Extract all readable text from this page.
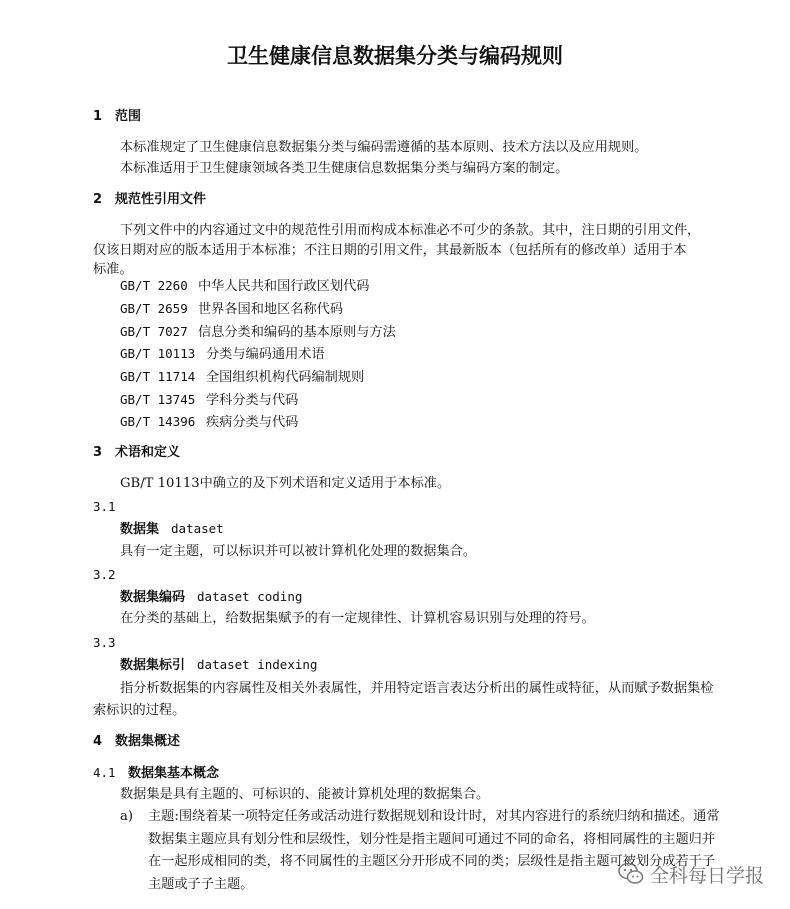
卫生健康信息数据集分类与编码规则
1 范围
本标准规定了卫生健康信息数据集分类与编码需遵循的基本原则、技术方法以及应用规则。
本标准适用于卫生健康领域各类卫生健康信息数据集分类与编码方案的制定。
2 规范性引用文件
下列文件中的内容通过文中的规范性引用而构成本标准必不可少的条款。其中，注日期的引用文件，
仅该日期对应的版本适用于本标准；不注日期的引用文件，其最新版本（包括所有的修改单）适用于本
标准。
GB/T 2260 中华人民共和国行政区划代码
GB/T 2659 世界各国和地区名称代码
GB/T 7027 信息分类和编码的基本原则与方法
GB/T 10113 分类与编码通用术语
GB/T 11714 全国组织机构代码编制规则
GB/T 13745 学科分类与代码
GB/T 14396 疾病分类与代码
3 术语和定义
GB/T 10113中确立的及下列术语和定义适用于本标准。
3.1
数据集 dataset
具有一定主题，可以标识并可以被计算机化处理的数据集合。
3.2
数据集编码 dataset coding
在分类的基础上，给数据集赋予的有一定规律性、计算机容易识别与处理的符号。
3.3
数据集标引 dataset indexing
指分析数据集的内容属性及相关外表属性，并用特定语言表达分析出的属性或特征，从而赋予数据集检
索标识的过程。
4 数据集概述
4.1 数据集基本概念
数据集是具有主题的、可标识的、能被计算机处理的数据集合。
a) 主题:围绕着某一项特定任务或活动进行数据规划和设计时，对其内容进行的系统归纳和描述。通常
数据集主题应具有划分性和层级性，划分性是指主题间可通过不同的命名，将相同属性的主题归并
在一起形成相同的类，将不同属性的主题区分开形成不同的类；层级性是指主题可被划分成若干子
主题或子子主题。	全科每日学报
